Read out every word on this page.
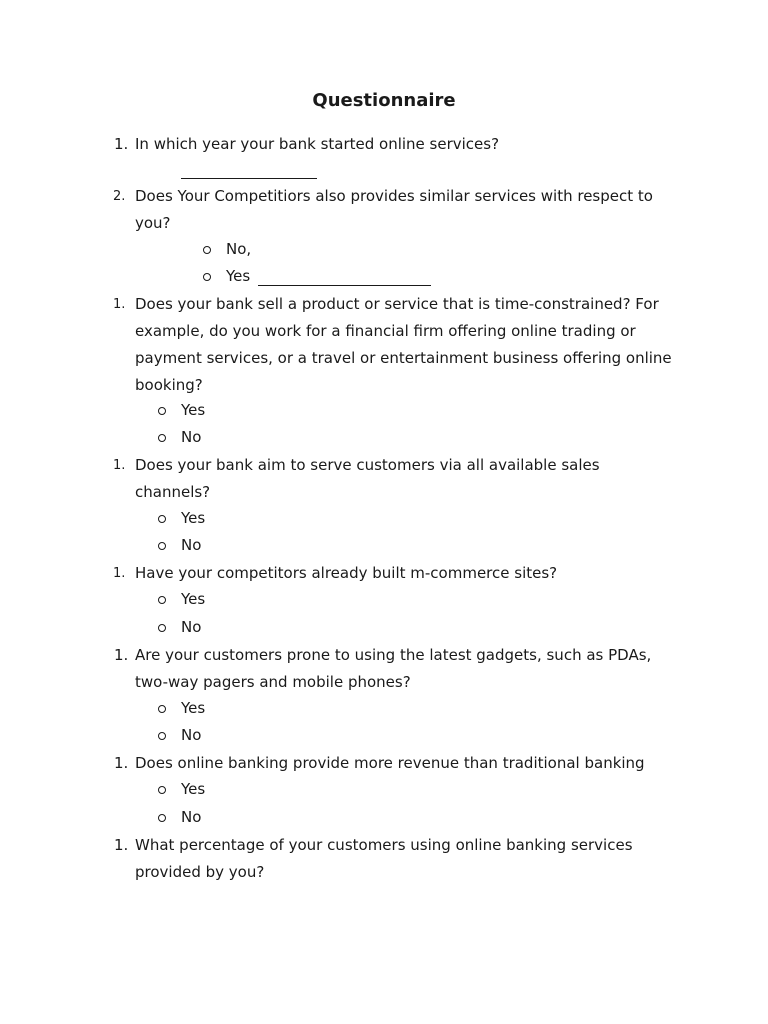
Questionnaire
1. In which year your bank started online services?
2. Does Your Competitiors also provides similar services with respect to you?
No,
Yes
1. Does your bank sell a product or service that is time-constrained? For example, do you work for a financial firm offering online trading or payment services, or a travel or entertainment business offering online booking?
Yes
No
1. Does your bank aim to serve customers via all available sales channels?
Yes
No
1. Have your competitors already built m-commerce sites?
Yes
No
1. Are your customers prone to using the latest gadgets, such as PDAs, two-way pagers and mobile phones?
Yes
No
1. Does online banking provide more revenue than traditional banking
Yes
No
1. What percentage of your customers using online banking services provided by you?
